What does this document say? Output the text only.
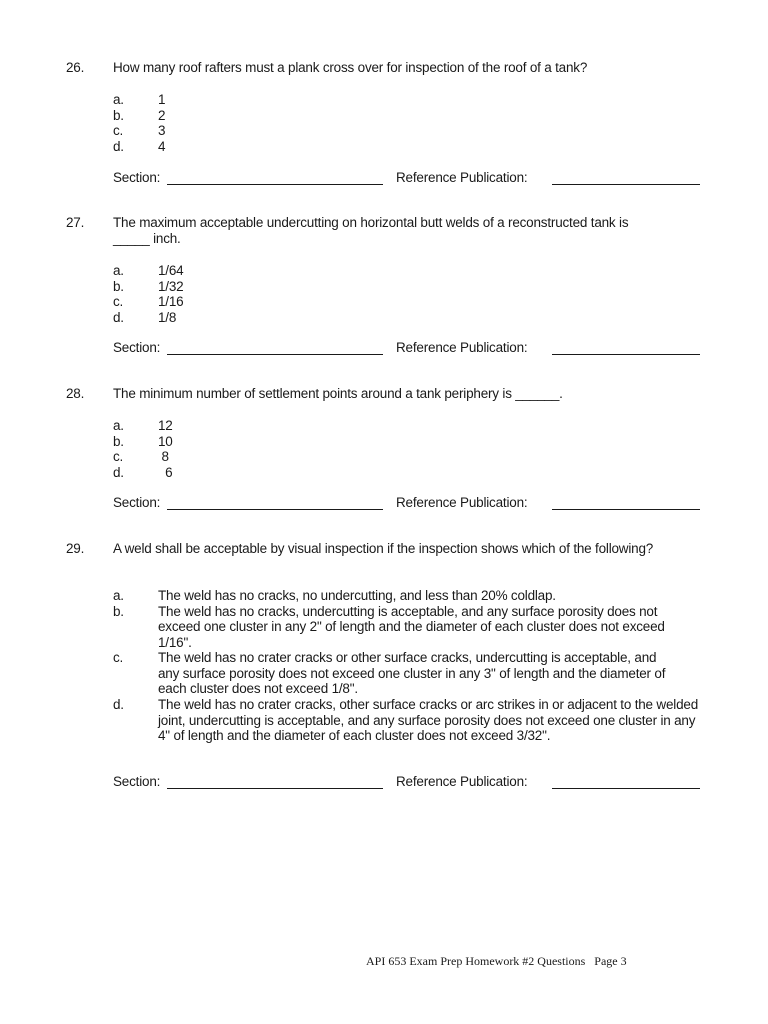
26. How many roof rafters must a plank cross over for inspection of the roof of a tank?
a.	1
b.	2
c.	3
d.	4
Section:	Reference Publication:
27. The maximum acceptable undercutting on horizontal butt welds of a reconstructed tank is _____ inch.
a.	1/64
b.	1/32
c.	1/16
d.	1/8
Section:	Reference Publication:
28. The minimum number of settlement points around a tank periphery is ______.
a.	12
b.	10
c.	8
d.	6
Section:	Reference Publication:
29. A weld shall be acceptable by visual inspection if the inspection shows which of the following?
a.	The weld has no cracks, no undercutting, and less than 20% coldlap.
b.	The weld has no cracks, undercutting is acceptable, and any surface porosity does not exceed one cluster in any 2" of length and the diameter of each cluster does not exceed 1/16".
c.	The weld has no crater cracks or other surface cracks, undercutting is acceptable, and any surface porosity does not exceed one cluster in any 3" of length and the diameter of each cluster does not exceed 1/8".
d.	The weld has no crater cracks, other surface cracks or arc strikes in or adjacent to the welded joint, undercutting is acceptable, and any surface porosity does not exceed one cluster in any 4" of length and the diameter of each cluster does not exceed 3/32".
Section:	Reference Publication:
API 653 Exam Prep Homework #2 Questions   Page 3
